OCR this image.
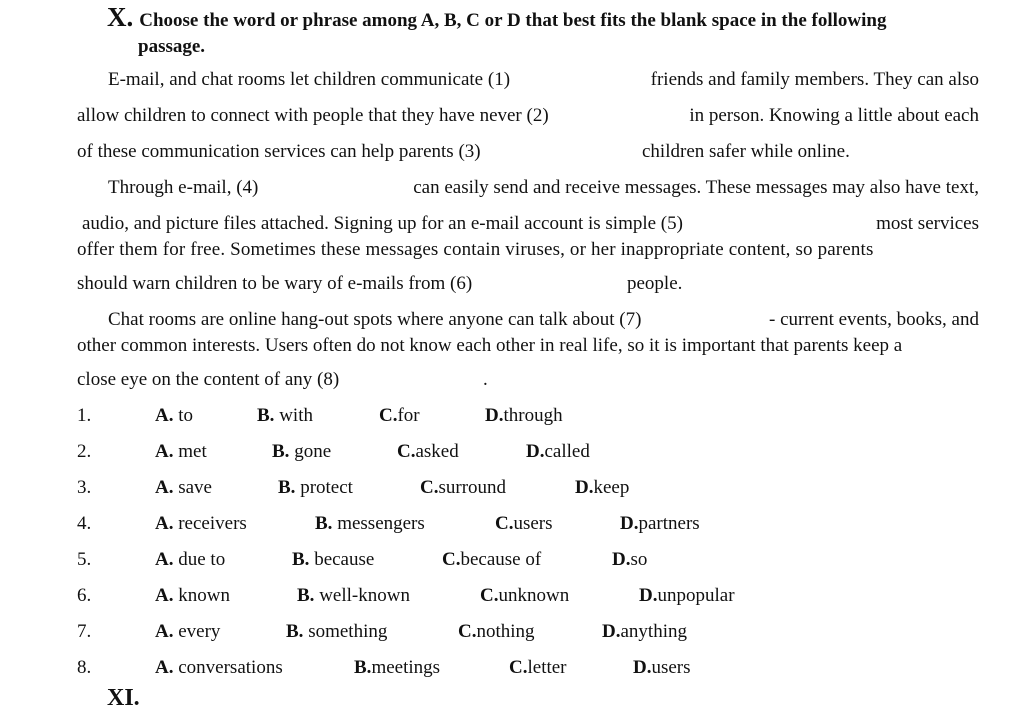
X. Choose the word or phrase among A, B, C or D that best fits the blank space in the following
passage.
E-mail, and chat rooms let children communicate (1)	friends and family members. They can also
allow children to connect with people that they have never (2)	in person. Knowing a little about each
of these communication services can help parents (3)	children safer while online.
Through e-mail, (4)	can easily send and receive messages. These messages may also have text,
audio, and picture files attached. Signing up for an e-mail account is simple (5)	most services
offer them for free. Sometimes these messages contain viruses, or her inappropriate content, so parents
should warn children to be wary of e-mails from (6)	people.
Chat rooms are online hang-out spots where anyone can talk about (7)	- current events, books, and
other common interests. Users often do not know each other in real life, so it is important that parents keep a
close eye on the content of any (8)	.
1.	A. to	B. with	C.for	D.through
2.	A. met	B. gone	C.asked	D.called
3.	A. save	B. protect	C.surround	D.keep
4.	A. receivers	B. messengers	C.users	D.partners
5.	A. due to	B. because	C.because of	D.so
6.	A. known	B. well-known	C.unknown	D.unpopular
7.	A. every	B. something	C.nothing	D.anything
8.	A. conversations	B.meetings	C.letter	D.users
XI.
